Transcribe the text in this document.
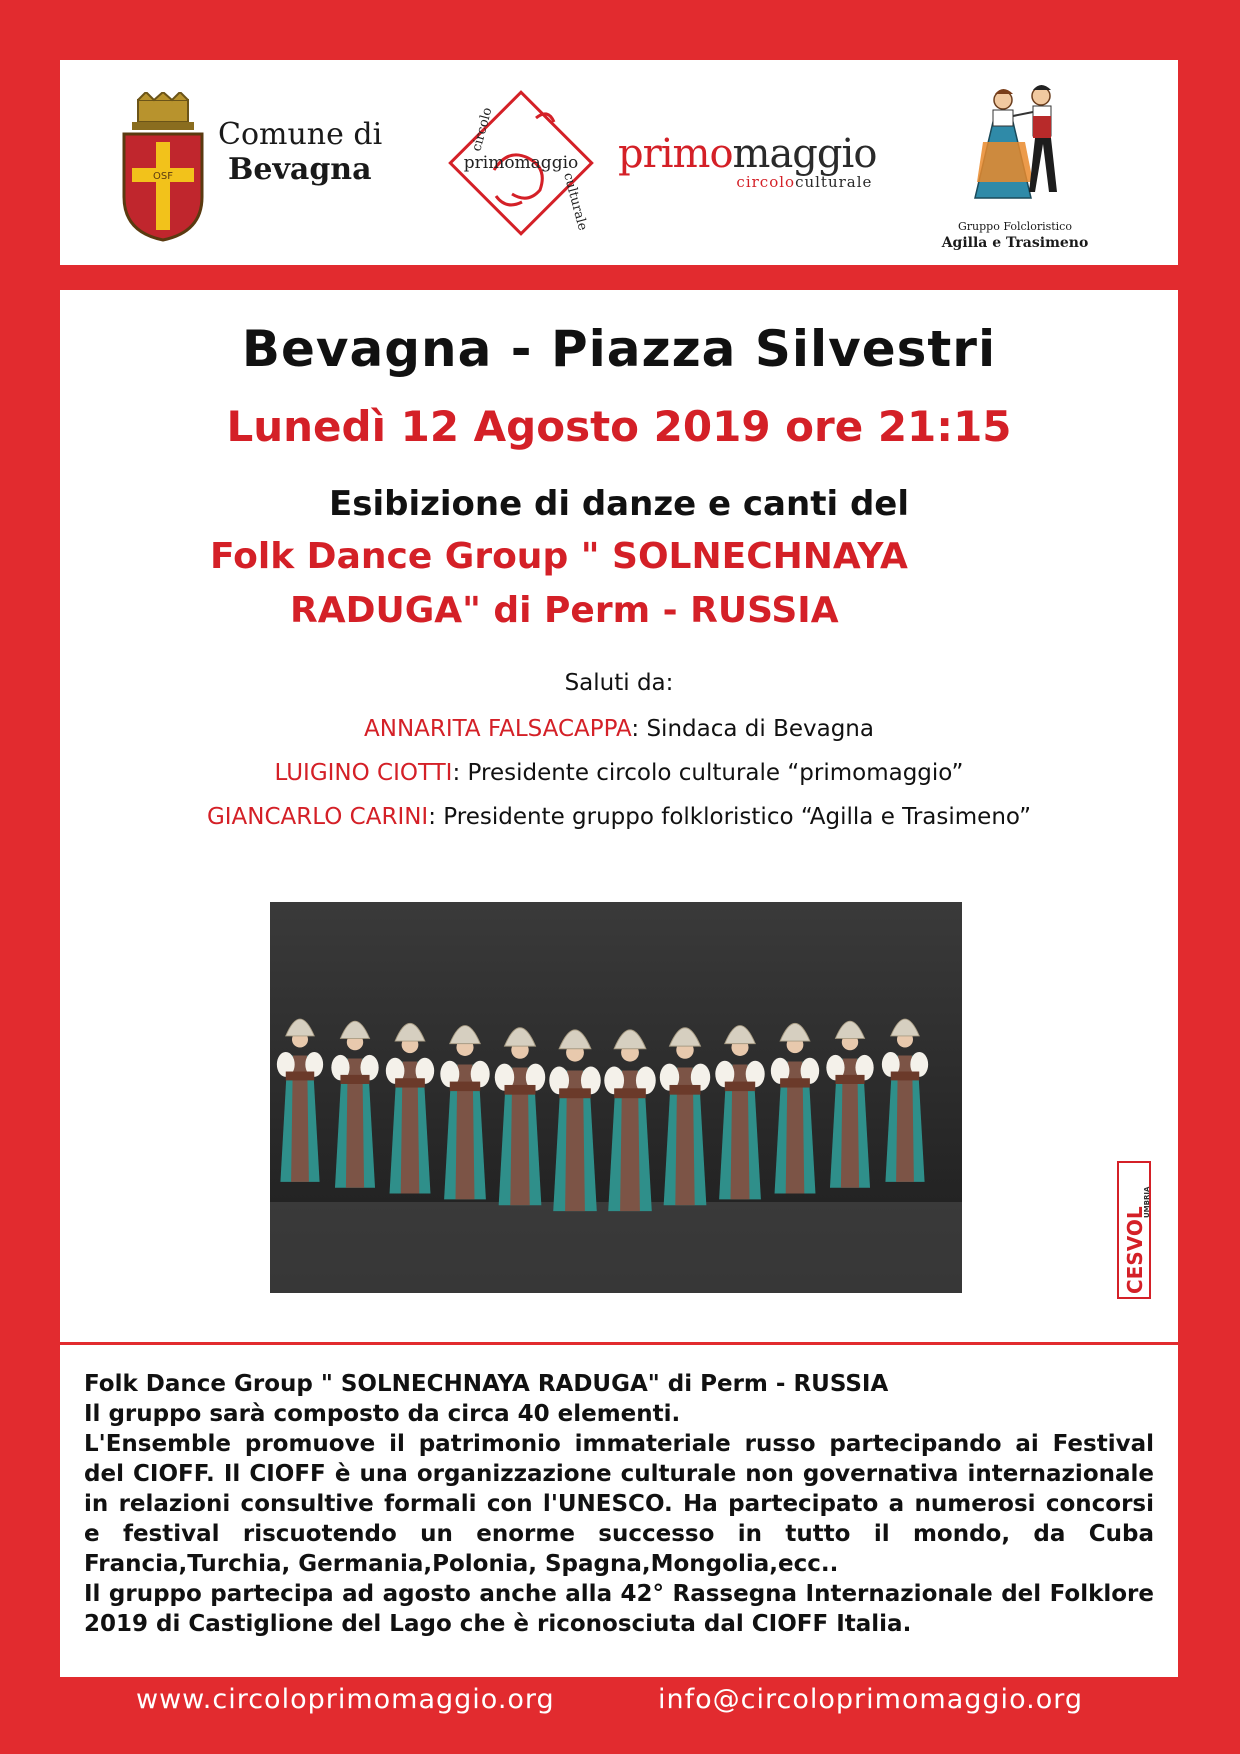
OSF
Comune di
Bevagna
circolo
primomaggio
culturale
primomaggio
circoloculturale
Gruppo Folcloristico
Agilla e Trasimeno
Bevagna - Piazza Silvestri
Lunedì 12 Agosto 2019 ore 21:15
Esibizione di danze e canti del
Folk Dance Group " SOLNECHNAYA
RADUGA" di Perm - RUSSIA
Saluti da:
ANNARITA FALSACAPPA: Sindaca di Bevagna
LUIGINO CIOTTI: Presidente circolo culturale “primomaggio”
GIANCARLO CARINI: Presidente gruppo folkloristico “Agilla e Trasimeno”
CESVOL
UMBRIA

Folk Dance Group " SOLNECHNAYA RADUGA" di Perm - RUSSIA

Il gruppo sarà composto da circa 40 elementi.

L'Ensemble promuove il patrimonio immateriale russo partecipando ai Festival del CIOFF. Il CIOFF è una organizzazione culturale non governativa internazionale in relazioni consultive formali con l'UNESCO. Ha partecipato a numerosi concorsi e festival riscuotendo un enorme successo in tutto il mondo, da Cuba Francia,Turchia, Germania,Polonia, Spagna,Mongolia,ecc..

Il gruppo partecipa ad agosto anche alla 42° Rassegna Internazionale del Folklore 2019 di Castiglione del Lago che è riconosciuta dal CIOFF Italia.

www.circoloprimomaggio.org	info@circoloprimomaggio.org
